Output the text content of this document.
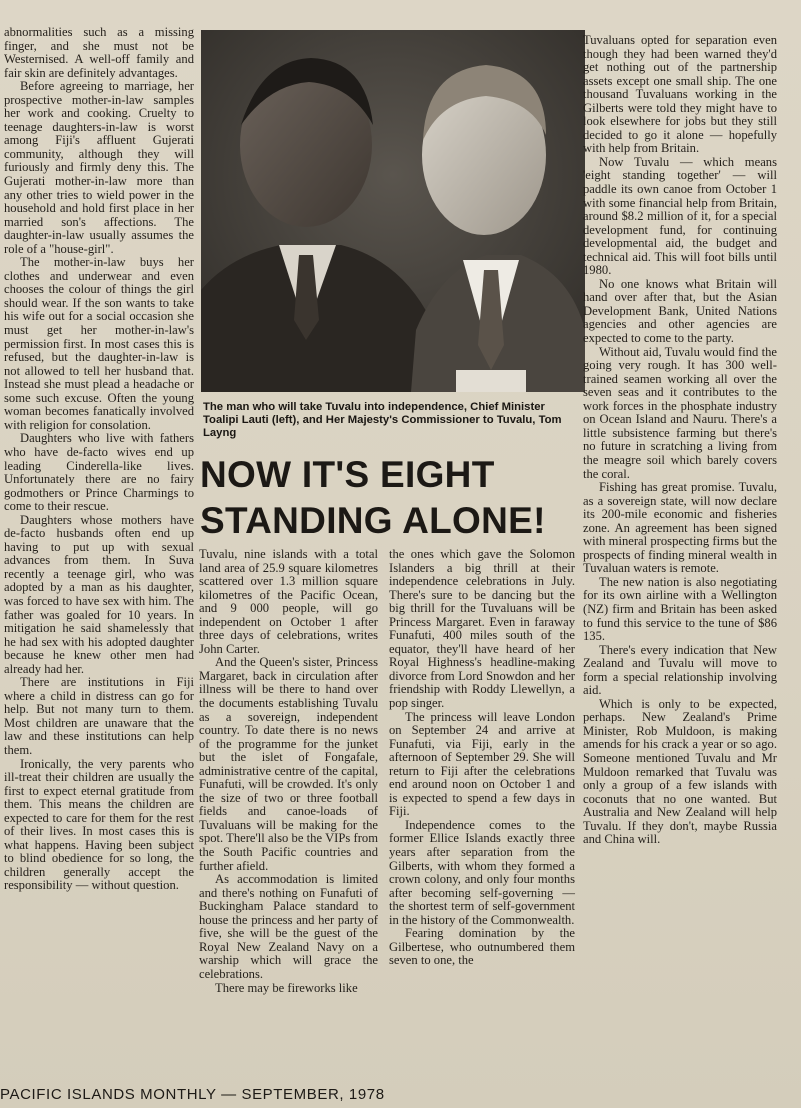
abnormalities such as a missing finger, and she must not be Westernised. A well-off family and fair skin are definitely advantages.

Before agreeing to marriage, her prospective mother-in-law samples her work and cooking. Cruelty to teenage daughters-in-law is worst among Fiji's affluent Gujerati community, although they will furiously and firmly deny this. The Gujerati mother-in-law more than any other tries to wield power in the household and hold first place in her married son's affections. The daughter-in-law usually assumes the role of a "house-girl".

The mother-in-law buys her clothes and underwear and even chooses the colour of things the girl should wear. If the son wants to take his wife out for a social occasion she must get her mother-in-law's permission first. In most cases this is refused, but the daughter-in-law is not allowed to tell her husband that. Instead she must plead a headache or some such excuse. Often the young woman becomes fanatically involved with religion for consolation.

Daughters who live with fathers who have de-facto wives end up leading Cinderella-like lives. Unfortunately there are no fairy godmothers or Prince Charmings to come to their rescue.

Daughters whose mothers have de-facto husbands often end up having to put up with sexual advances from them. In Suva recently a teenage girl, who was adopted by a man as his daughter, was forced to have sex with him. The father was goaled for 10 years. In mitigation he said shamelessly that he had sex with his adopted daughter because he knew other men had already had her.

There are institutions in Fiji where a child in distress can go for help. But not many turn to them. Most children are unaware that the law and these institutions can help them.

Ironically, the very parents who ill-treat their children are usually the first to expect eternal gratitude from them. This means the children are expected to care for them for the rest of their lives. In most cases this is what happens. Having been subject to blind obedience for so long, the children generally accept the responsibility — without question.

The man who will take Tuvalu into independence, Chief Minister Toalipi Lauti (left), and Her Majesty's Commissioner to Tuvalu, Tom Layng
NOW IT'S EIGHT
STANDING ALONE!

Tuvalu, nine islands with a total land area of 25.9 square kilometres scattered over 1.3 million square kilometres of the Pacific Ocean, and 9 000 people, will go independent on October 1 after three days of celebrations, writes John Carter.

And the Queen's sister, Princess Margaret, back in circulation after illness will be there to hand over the documents establishing Tuvalu as a sovereign, independent country. To date there is no news of the programme for the junket but the islet of Fongafale, administrative centre of the capital, Funafuti, will be crowded. It's only the size of two or three football fields and canoe-loads of Tuvaluans will be making for the spot. There'll also be the VIPs from the South Pacific countries and further afield.

As accommodation is limited and there's nothing on Funafuti of Buckingham Palace standard to house the princess and her party of five, she will be the guest of the Royal New Zealand Navy on a warship which will grace the celebrations.

There may be fireworks like

the ones which gave the Solomon Islanders a big thrill at their independence celebrations in July. There's sure to be dancing but the big thrill for the Tuvaluans will be Princess Margaret. Even in faraway Funafuti, 400 miles south of the equator, they'll have heard of her Royal Highness's headline-making divorce from Lord Snowdon and her friendship with Roddy Llewellyn, a pop singer.

The princess will leave London on September 24 and arrive at Funafuti, via Fiji, early in the afternoon of September 29. She will return to Fiji after the celebrations end around noon on October 1 and is expected to spend a few days in Fiji.

Independence comes to the former Ellice Islands exactly three years after separation from the Gilberts, with whom they formed a crown colony, and only four months after becoming self-governing — the shortest term of self-government in the history of the Commonwealth.

Fearing domination by the Gilbertese, who outnumbered them seven to one, the

Tuvaluans opted for separation even though they had been warned they'd get nothing out of the partnership assets except one small ship. The one thousand Tuvaluans working in the Gilberts were told they might have to look elsewhere for jobs but they still decided to go it alone — hopefully with help from Britain.

Now Tuvalu — which means 'eight standing together' — will paddle its own canoe from October 1 with some financial help from Britain, around $8.2 million of it, for a special development fund, for continuing developmental aid, the budget and technical aid. This will foot bills until 1980.

No one knows what Britain will hand over after that, but the Asian Development Bank, United Nations agencies and other agencies are expected to come to the party.

Without aid, Tuvalu would find the going very rough. It has 300 well-trained seamen working all over the seven seas and it contributes to the work forces in the phosphate industry on Ocean Island and Nauru. There's a little subsistence farming but there's no future in scratching a living from the meagre soil which barely covers the coral.

Fishing has great promise. Tuvalu, as a sovereign state, will now declare its 200-mile economic and fisheries zone. An agreement has been signed with mineral prospecting firms but the prospects of finding mineral wealth in Tuvaluan waters is remote.

The new nation is also negotiating for its own airline with a Wellington (NZ) firm and Britain has been asked to fund this service to the tune of $86 135.

There's every indication that New Zealand and Tuvalu will move to form a special relationship involving aid.

Which is only to be expected, perhaps. New Zealand's Prime Minister, Rob Muldoon, is making amends for his crack a year or so ago. Someone mentioned Tuvalu and Mr Muldoon remarked that Tuvalu was only a group of a few islands with coconuts that no one wanted. But Australia and New Zealand will help Tuvalu. If they don't, maybe Russia and China will.

PACIFIC ISLANDS MONTHLY — SEPTEMBER, 1978
